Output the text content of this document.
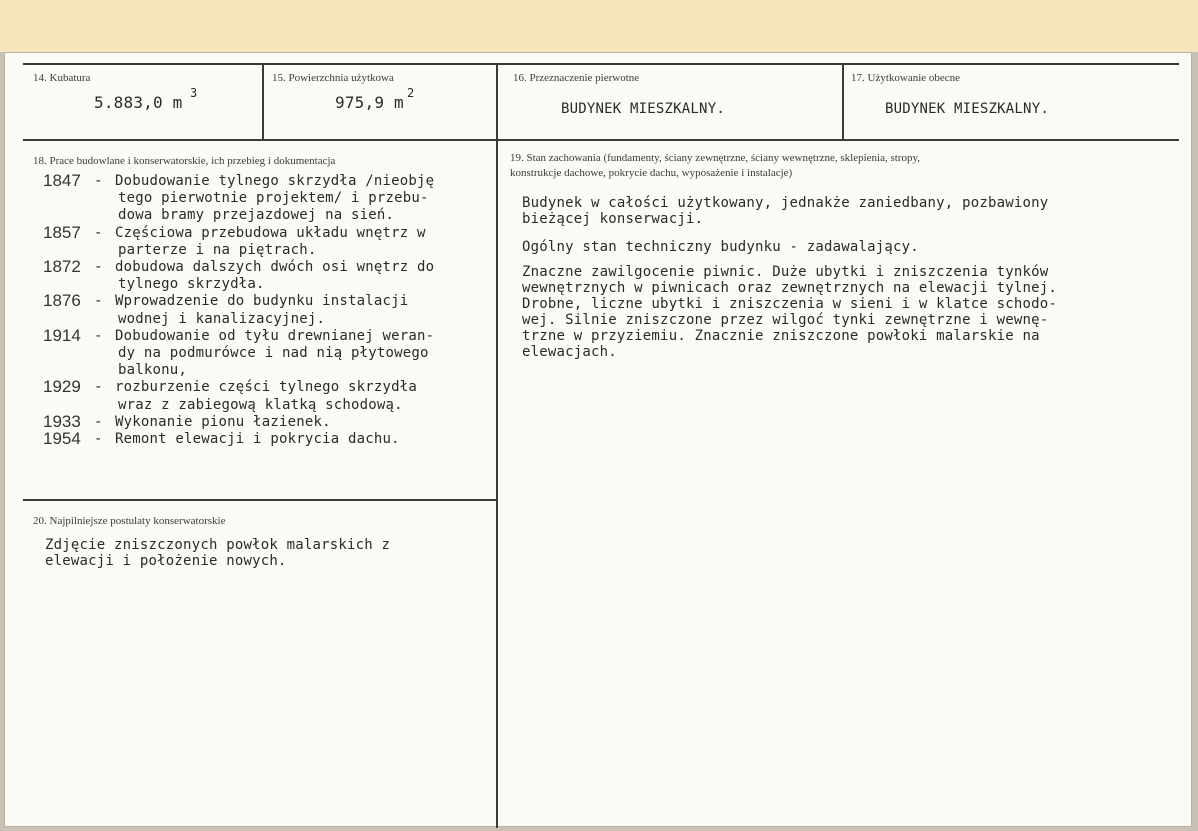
14. Kubatura
5.883,0 m 3
15. Powierzchnia użytkowa
975,9 m 2
16. Przeznaczenie pierwotne
BUDYNEK MIESZKALNY.
17. Użytkowanie obecne
BUDYNEK MIESZKALNY.
18. Prace budowlane i konserwatorskie, ich przebieg i dokumentacja
1847 - Dobudowanie tylnego skrzydła /nieobję
tego pierwotnie projektem/ i przebu-
dowa bramy przejazdowej na sień.
1857 - Częściowa przebudowa układu wnętrz w
parterze i na piętrach.
1872 - dobudowa dalszych dwóch osi wnętrz do
tylnego skrzydła.
1876 - Wprowadzenie do budynku instalacji
wodnej i kanalizacyjnej.
1914 - Dobudowanie od tyłu drewnianej weran-
dy na podmurówce i nad nią płytowego
balkonu,
1929 - rozburzenie części tylnego skrzydła
wraz z zabiegową klatką schodową.
1933 - Wykonanie pionu łazienek.
1954 - Remont elewacji i pokrycia dachu.
19. Stan zachowania (fundamenty, ściany zewnętrzne, ściany wewnętrzne, sklepienia, stropy,
konstrukcje dachowe, pokrycie dachu, wyposażenie i instalacje)
Budynek w całości użytkowany, jednakże zaniedbany, pozbawiony
bieżącej konserwacji.
Ogólny stan techniczny budynku - zadawalający.
Znaczne zawilgocenie piwnic. Duże ubytki i zniszczenia tynków
wewnętrznych w piwnicach oraz zewnętrznych na elewacji tylnej.
Drobne, liczne ubytki i zniszczenia w sieni i w klatce schodo-
wej. Silnie zniszczone przez wilgoć tynki zewnętrzne i wewnę-
trzne w przyziemiu. Znacznie zniszczone powłoki malarskie na
elewacjach.
20. Najpilniejsze postulaty konserwatorskie
Zdjęcie zniszczonych powłok malarskich z
elewacji i położenie nowych.
